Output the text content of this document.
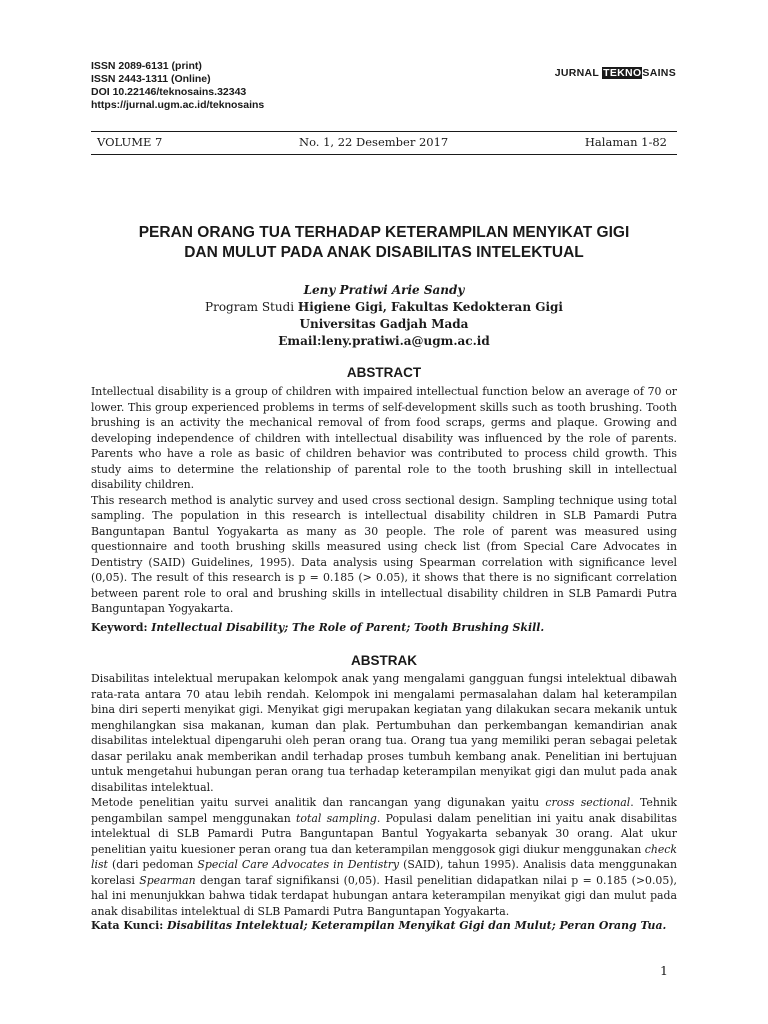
ISSN 2089-6131 (print)
ISSN 2443-1311 (Online)
DOI 10.22146/teknosains.32343
https://jurnal.ugm.ac.id/teknosains
JURNAL TEKNOSAINS
VOLUME 7	No. 1, 22 Desember 2017	Halaman 1-82
PERAN ORANG TUA TERHADAP KETERAMPILAN MENYIKAT GIGI
DAN MULUT PADA ANAK DISABILITAS INTELEKTUAL
Leny Pratiwi Arie Sandy
Program Studi Higiene Gigi, Fakultas Kedokteran Gigi
Universitas Gadjah Mada
Email:leny.pratiwi.a@ugm.ac.id
ABSTRACT

Intellectual disability is a group of children with impaired intellectual function below an average of 70 or lower. This group experienced problems in terms of self-development skills such as tooth brushing. Tooth brushing is an activity the mechanical removal of from food scraps, germs and plaque. Growing and developing independence of children with intellectual disability was influenced by the role of parents. Parents who have a role as basic of children behavior was contributed to process child growth. This study aims to determine the relationship of parental role to the tooth brushing skill in intellectual disability children.

This research method is analytic survey and used cross sectional design. Sampling technique using total sampling. The population in this research is intellectual disability children in SLB Pamardi Putra Banguntapan Bantul Yogyakarta as many as 30 people. The role of parent was measured using questionnaire and tooth brushing skills measured using check list (from Special Care Advocates in Dentistry (SAID) Guidelines, 1995). Data analysis using Spearman correlation with significance level (0,05). The result of this research is p = 0.185 (> 0.05), it shows that there is no significant correlation between parent role to oral and brushing skills in intellectual disability children in SLB Pamardi Putra Banguntapan Yogyakarta.

Keyword: Intellectual Disability; The Role of Parent; Tooth Brushing Skill.
ABSTRAK

Disabilitas intelektual merupakan kelompok anak yang mengalami gangguan fungsi intelektual dibawah rata-rata antara 70 atau lebih rendah. Kelompok ini mengalami permasalahan dalam hal keterampilan bina diri seperti menyikat gigi. Menyikat gigi merupakan kegiatan yang dilakukan secara mekanik untuk menghilangkan sisa makanan, kuman dan plak. Pertumbuhan dan perkembangan kemandirian anak disabilitas intelektual dipengaruhi oleh peran orang tua. Orang tua yang memiliki peran sebagai peletak dasar perilaku anak memberikan andil terhadap proses tumbuh kembang anak. Penelitian ini bertujuan untuk mengetahui hubungan peran orang tua terhadap keterampilan menyikat gigi dan mulut pada anak disabilitas intelektual.

Metode penelitian yaitu survei analitik dan rancangan yang digunakan yaitu cross sectional. Tehnik pengambilan sampel menggunakan total sampling. Populasi dalam penelitian ini yaitu anak disabilitas intelektual di SLB Pamardi Putra Banguntapan Bantul Yogyakarta sebanyak 30 orang. Alat ukur penelitian yaitu kuesioner peran orang tua dan keterampilan menggosok gigi diukur menggunakan check list (dari pedoman Special Care Advocates in Dentistry (SAID), tahun 1995). Analisis data menggunakan korelasi Spearman dengan taraf signifikansi (0,05). Hasil penelitian didapatkan nilai p = 0.185 (>0.05), hal ini menunjukkan bahwa tidak terdapat hubungan antara keterampilan menyikat gigi dan mulut pada anak disabilitas intelektual di SLB Pamardi Putra Banguntapan Yogyakarta.

Kata Kunci: Disabilitas Intelektual; Keterampilan Menyikat Gigi dan Mulut; Peran Orang Tua.
1
